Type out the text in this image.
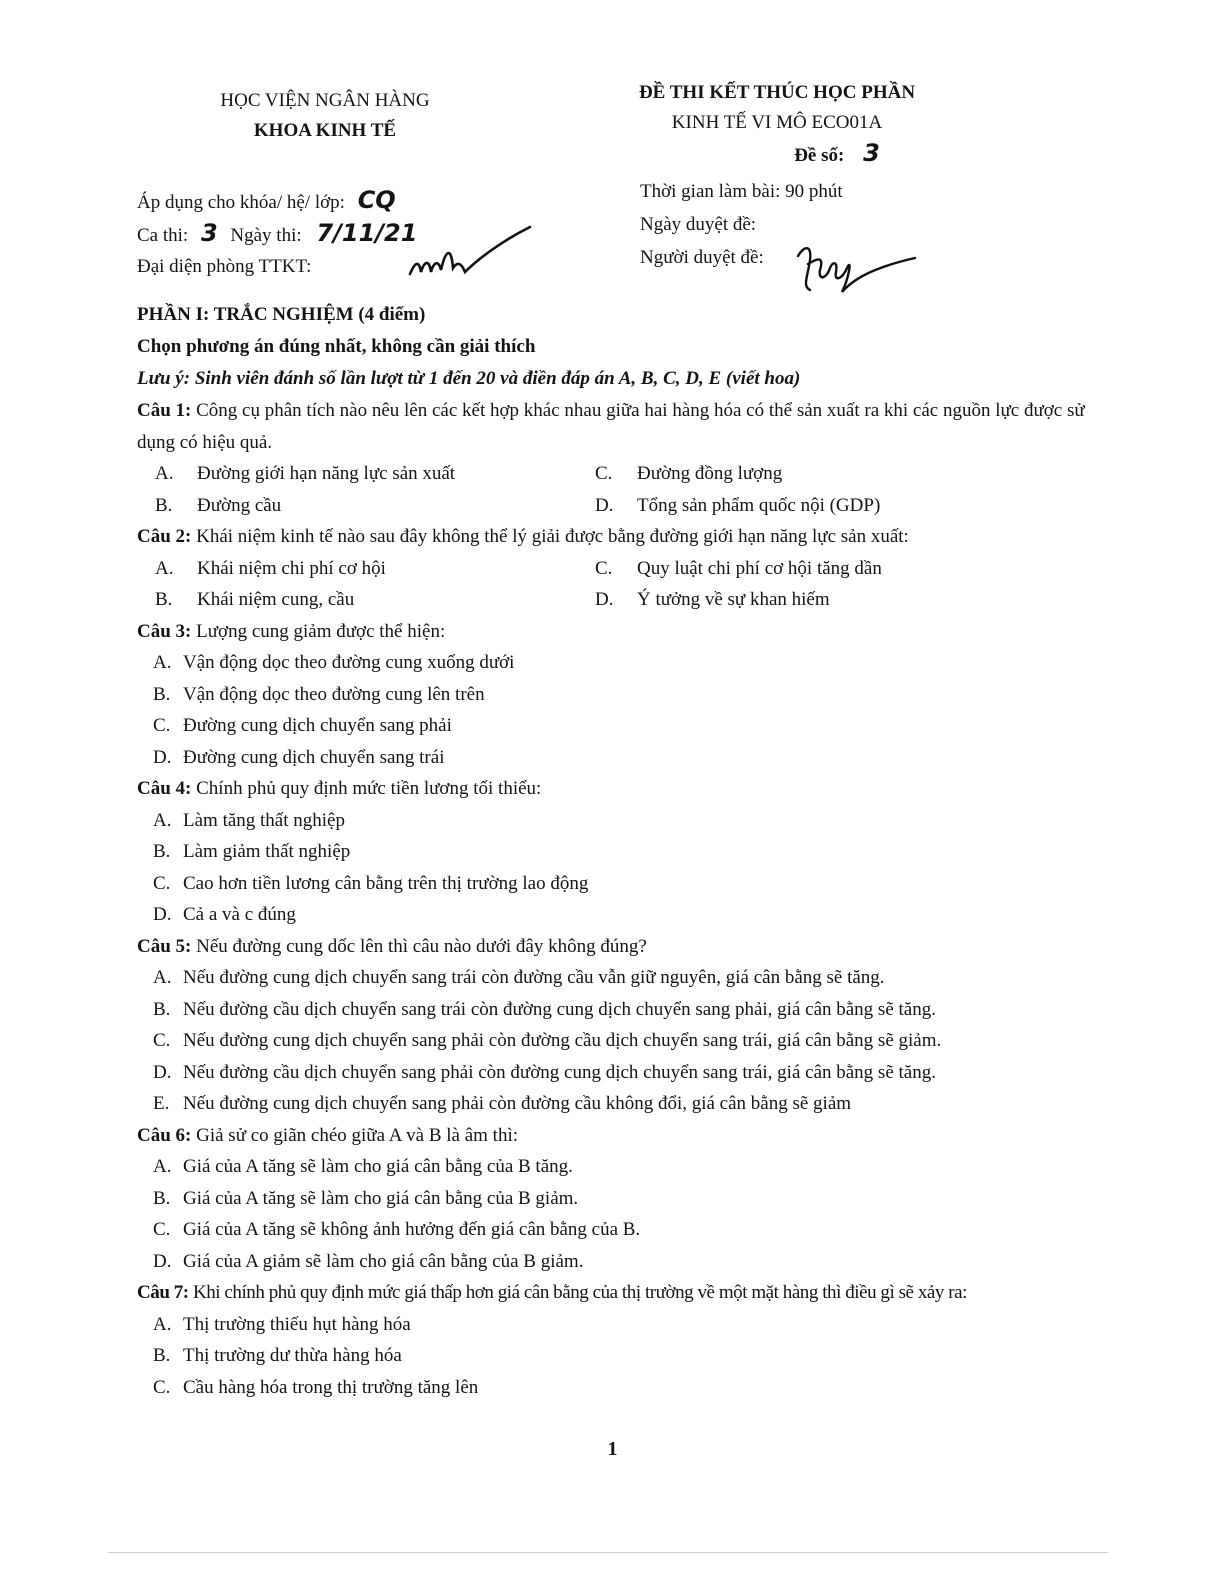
HỌC VIỆN NGÂN HÀNG
KHOA KINH TẾ
ĐỀ THI KẾT THÚC HỌC PHẦN
KINH TẾ VI MÔ ECO01A
Đề số: 3
Áp dụng cho khóa/ hệ/ lớp: CQ
Ca thi: 3 Ngày thi: 7/11/21
Đại diện phòng TTKT:
Thời gian làm bài: 90 phút
Ngày duyệt đề:
Người duyệt đề:
PHẦN I: TRẮC NGHIỆM (4 điểm)
Chọn phương án đúng nhất, không cần giải thích
Lưu ý: Sinh viên đánh số lần lượt từ 1 đến 20 và điền đáp án A, B, C, D, E (viết hoa)
Câu 1: Công cụ phân tích nào nêu lên các kết hợp khác nhau giữa hai hàng hóa có thể sản xuất ra khi các nguồn lực được sử dụng có hiệu quả.
A. Đường giới hạn năng lực sản xuất	C. Đường đồng lượng
B. Đường cầu	D. Tổng sản phẩm quốc nội (GDP)
Câu 2: Khái niệm kinh tế nào sau đây không thể lý giải được bằng đường giới hạn năng lực sản xuất:
A. Khái niệm chi phí cơ hội	C. Quy luật chi phí cơ hội tăng dần
B. Khái niệm cung, cầu	D. Ý tưởng về sự khan hiếm
Câu 3: Lượng cung giảm được thể hiện:
A. Vận động dọc theo đường cung xuống dưới
B. Vận động dọc theo đường cung lên trên
C. Đường cung dịch chuyển sang phải
D. Đường cung dịch chuyển sang trái
Câu 4: Chính phủ quy định mức tiền lương tối thiểu:
A. Làm tăng thất nghiệp
B. Làm giảm thất nghiệp
C. Cao hơn tiền lương cân bằng trên thị trường lao động
D. Cả a và c đúng
Câu 5: Nếu đường cung dốc lên thì câu nào dưới đây không đúng?
A. Nếu đường cung dịch chuyển sang trái còn đường cầu vẫn giữ nguyên, giá cân bằng sẽ tăng.
B. Nếu đường cầu dịch chuyển sang trái còn đường cung dịch chuyển sang phải, giá cân bằng sẽ tăng.
C. Nếu đường cung dịch chuyển sang phải còn đường cầu dịch chuyển sang trái, giá cân bằng sẽ giảm.
D. Nếu đường cầu dịch chuyển sang phải còn đường cung dịch chuyển sang trái, giá cân bằng sẽ tăng.
E. Nếu đường cung dịch chuyển sang phải còn đường cầu không đổi, giá cân bằng sẽ giảm
Câu 6: Giả sử co giãn chéo giữa A và B là âm thì:
A. Giá của A tăng sẽ làm cho giá cân bằng của B tăng.
B. Giá của A tăng sẽ làm cho giá cân bằng của B giảm.
C. Giá của A tăng sẽ không ảnh hưởng đến giá cân bằng của B.
D. Giá của A giảm sẽ làm cho giá cân bằng của B giảm.
Câu 7: Khi chính phủ quy định mức giá thấp hơn giá cân bằng của thị trường về một mặt hàng thì điều gì sẽ xảy ra:
A. Thị trường thiếu hụt hàng hóa
B. Thị trường dư thừa hàng hóa
C. Cầu hàng hóa trong thị trường tăng lên
1
